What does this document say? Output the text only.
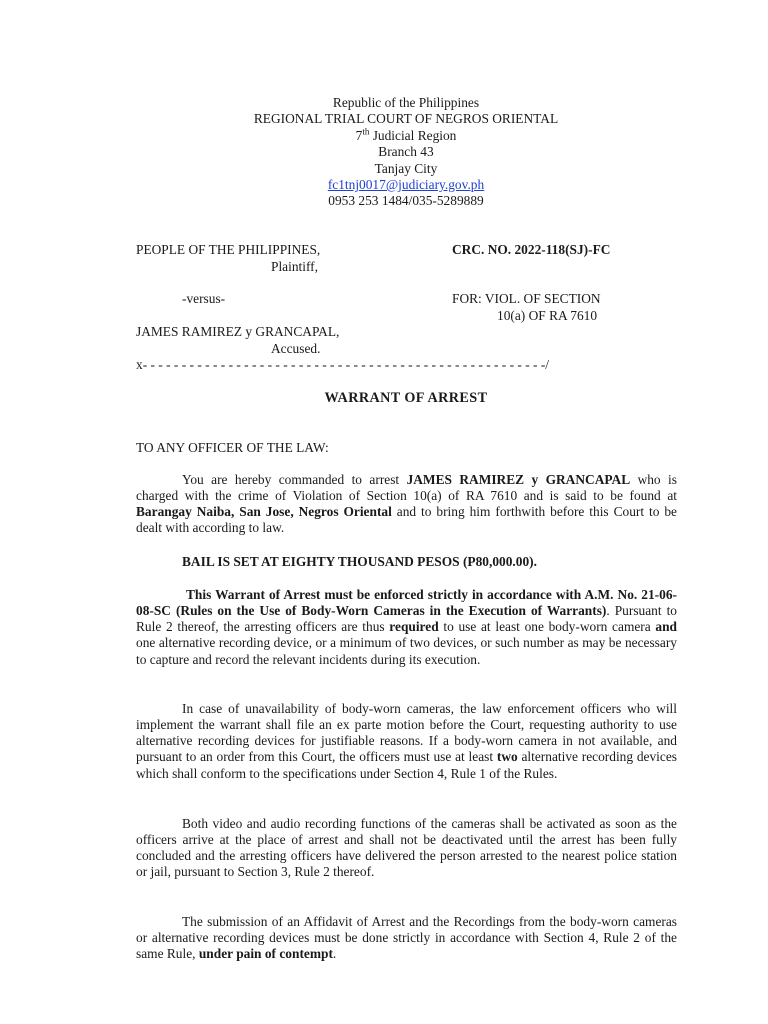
Republic of the Philippines
REGIONAL TRIAL COURT OF NEGROS ORIENTAL
7th Judicial Region
Branch 43
Tanjay City
fc1tnj0017@judiciary.gov.ph
0953 253 1484/035-5289889
PEOPLE OF THE PHILIPPINES,
Plaintiff,
CRC. NO. 2022-118(SJ)-FC
-versus-	FOR: VIOL. OF SECTION
10(a) OF RA 7610
JAMES RAMIREZ y GRANCAPAL,
Accused.
x- - - - - - - - - - - - - - - - - - - - - - - - - - - - - - - - - - - - - - - - - - - - - - - - - - - -/
WARRANT OF ARREST
TO ANY OFFICER OF THE LAW:

You are hereby commanded to arrest JAMES RAMIREZ y GRANCAPAL who is charged with the crime of Violation of Section 10(a) of RA 7610 and is said to be found at Barangay Naiba, San Jose, Negros Oriental and to bring him forthwith before this Court to be dealt with according to law.

BAIL IS SET AT EIGHTY THOUSAND PESOS (P80,000.00).

This Warrant of Arrest must be enforced strictly in accordance with A.M. No. 21-06-08-SC (Rules on the Use of Body-Worn Cameras in the Execution of Warrants). Pursuant to Rule 2 thereof, the arresting officers are thus required to use at least one body-worn camera and one alternative recording device, or a minimum of two devices, or such number as may be necessary to capture and record the relevant incidents during its execution.

In case of unavailability of body-worn cameras, the law enforcement officers who will implement the warrant shall file an ex parte motion before the Court, requesting authority to use alternative recording devices for justifiable reasons. If a body-worn camera in not available, and pursuant to an order from this Court, the officers must use at least two alternative recording devices which shall conform to the specifications under Section 4, Rule 1 of the Rules.

Both video and audio recording functions of the cameras shall be activated as soon as the officers arrive at the place of arrest and shall not be deactivated until the arrest has been fully concluded and the arresting officers have delivered the person arrested to the nearest police station or jail, pursuant to Section 3, Rule 2 thereof.

The submission of an Affidavit of Arrest and the Recordings from the body-worn cameras or alternative recording devices must be done strictly in accordance with Section 4, Rule 2 of the same Rule, under pain of contempt.
